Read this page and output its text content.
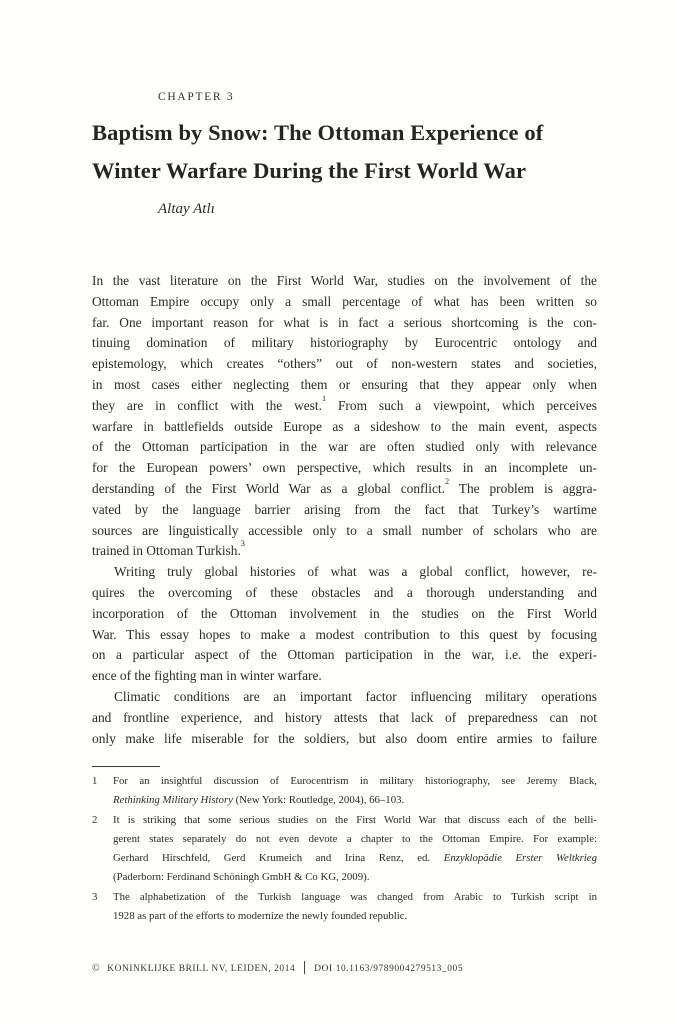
CHAPTER 3
Baptism by Snow: The Ottoman Experience of
Winter Warfare During the First World War
Altay Atlı
In the vast literature on the First World War, studies on the involvement of the
Ottoman Empire occupy only a small percentage of what has been written so
far. One important reason for what is in fact a serious shortcoming is the con-
tinuing domination of military historiography by Eurocentric ontology and
epistemology, which creates “others” out of non-western states and societies,
in most cases either neglecting them or ensuring that they appear only when
they are in conflict with the west.$^1$ From such a viewpoint, which perceives
warfare in battlefields outside Europe as a sideshow to the main event, aspects
of the Ottoman participation in the war are often studied only with relevance
for the European powers’ own perspective, which results in an incomplete un-
derstanding of the First World War as a global conflict.$^2$ The problem is aggra-
vated by the language barrier arising from the fact that Turkey’s wartime
sources are linguistically accessible only to a small number of scholars who are
trained in Ottoman Turkish.$^3$
Writing truly global histories of what was a global conflict, however, re-
quires the overcoming of these obstacles and a thorough understanding and
incorporation of the Ottoman involvement in the studies on the First World
War. This essay hopes to make a modest contribution to this quest by focusing
on a particular aspect of the Ottoman participation in the war, i.e. the experi-
ence of the fighting man in winter warfare.
Climatic conditions are an important factor influencing military operations
and frontline experience, and history attests that lack of preparedness can not
only make life miserable for the soldiers, but also doom entire armies to failure
1	For an insightful discussion of Eurocentrism in military historiography, see Jeremy Black,
Rethinking Military History (New York: Routledge, 2004), 66–103.
2	It is striking that some serious studies on the First World War that discuss each of the belli-
gerent states separately do not even devote a chapter to the Ottoman Empire. For example:
Gerhard Hirschfeld, Gerd Krumeich and Irina Renz, ed. Enzyklopädie Erster Weltkrieg
(Paderborn: Ferdinand Schöningh GmbH & Co KG, 2009).
3	The alphabetization of the Turkish language was changed from Arabic to Turkish script in
1928 as part of the efforts to modernize the newly founded republic.
© KONINKLIJKE BRILL NV, LEIDEN, 2014 DOI 10.1163/9789004279513_005
